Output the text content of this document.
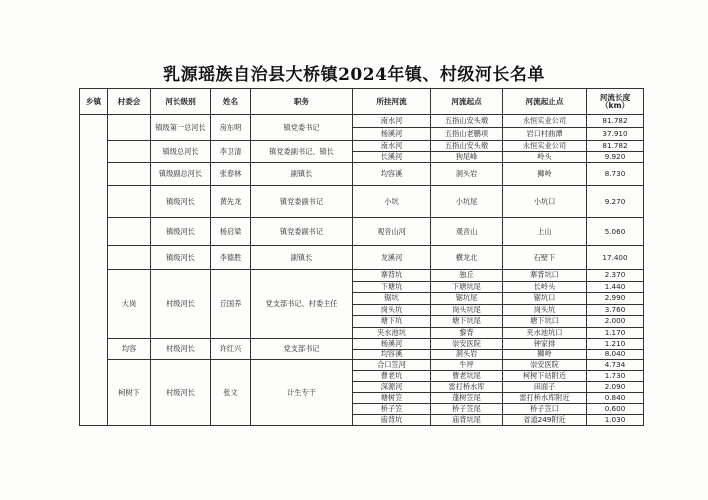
乳源瑶族自治县大桥镇2024年镇、村级河长名单
乡镇	村委会	河长级别	姓名	职务	所挂河流	河流起点	河流起止点	河流长度
（km）

		镇级第一总河长	房东明	镇党委书记	南水河	五指山安头墩	永恒实业公司	81.782
					杨溪河	五指山老鹏项	岩口村曲潭	37.910
		镇级总河长	李卫清	镇党委副书记、镇长	南水河	五指山安头墩	永恒实业公司	81.782
					长溪河	狗尾峰	岭头	9.920
		镇级副总河长	张春林	副镇长	均容溪	洞头岩	狮岭	8.730
		镇级河长	黄先龙	镇党委副书记	小坑	小坑尾	小坑口	9.270
		镇级河长	杨启梁	镇党委副书记	观音山河	观音山	上山	5.060
		镇级河长	李德胜	副镇长	龙溪河	横龙北	石壁下	17.400
	大岗	村级河长	丘国养	党支部书记、村委主任	寨背坑	独丘	寨背坑口	2.370
					下塘坑	下塘坑尾	长岭头	1.440
					锯坑	锯坑尾	锯坑口	2.990
					岗头坑	岗头坑尾	岗头坑	3.760
					塘下坑	塘下坑尾	塘下坑口	2.000
					夹水池坑	黎背	夹水池坑口	1.170
	均容	村级河长	许红兴	党支部书记	杨溪河	崇安医院	钟家排	1.210
					均容溪	洞头岩	狮岭	8.040
	柯树下	村级河长	张文	计生专干	合口笠河	牛坪	崇安医院	4.734
					曹老坑	曹老坑尾	柯树下站附近	1.730
					深源河	雷打桥水库	田面子	2.090
					塘树笠	蓬树笠尾	雷打桥水库附近	0.840
					桥子笠	桥子笠尾	桥子笠口	0.600
					庙背坑	庙背坑尾	省道249附近	1.030
